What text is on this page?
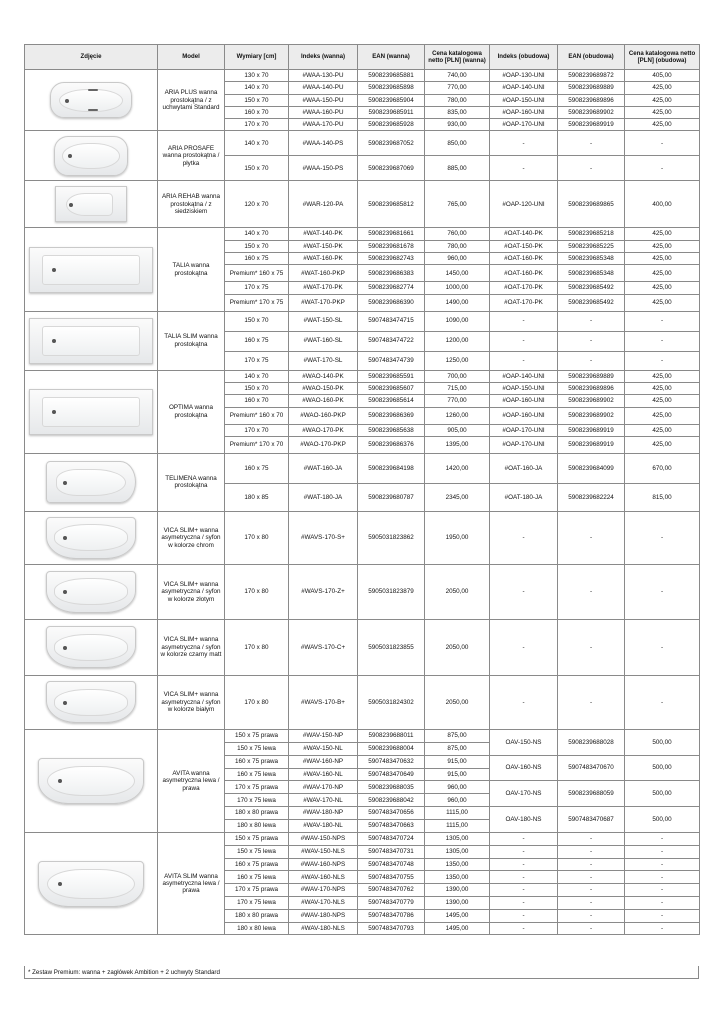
Zdjęcie	Model	Wymiary [cm]	Indeks (wanna)	EAN (wanna)	Cena katalogowa netto [PLN] (wanna)	Indeks (obudowa)	EAN (obudowa)	Cena katalogowa netto [PLN] (obudowa)

	ARIA PLUS wanna prostokątna / z uchwytami Standard	130 x 70	#WAA-130-PU	5908239685881	740,00	#OAP-130-UNI	5908239689872	405,00
		140 x 70	#WAA-140-PU	5908239685898	770,00	#OAP-140-UNI	5908239689889	425,00
		150 x 70	#WAA-150-PU	5908239685904	780,00	#OAP-150-UNI	5908239689896	425,00
		160 x 70	#WAA-160-PU	5908239685911	835,00	#OAP-160-UNI	5908239689902	425,00
		170 x 70	#WAA-170-PU	5908239685928	930,00	#OAP-170-UNI	5908239689919	425,00

	ARIA PROSAFE wanna prostokątna / płytka	140 x 70	#WAA-140-PS	5908239687052	850,00	-	-	-
		150 x 70	#WAA-150-PS	5908239687069	885,00	-	-	-

	ARIA REHAB wanna prostokątna / z siedziskiem	120 x 70	#WAR-120-PA	5908239685812	765,00	#OAP-120-UNI	5908239689865	400,00

	TALIA wanna prostokątna	140 x 70	#WAT-140-PK	5908239681661	760,00	#OAT-140-PK	5908239685218	425,00
		150 x 70	#WAT-150-PK	5908239681678	780,00	#OAT-150-PK	5908239685225	425,00
		160 x 75	#WAT-160-PK	5908239682743	960,00	#OAT-160-PK	5908239685348	425,00
		Premium* 160 x 75	#WAT-160-PKP	5908239686383	1450,00	#OAT-160-PK	5908239685348	425,00
		170 x 75	#WAT-170-PK	5908239682774	1000,00	#OAT-170-PK	5908239685492	425,00
		Premium* 170 x 75	#WAT-170-PKP	5908239686390	1490,00	#OAT-170-PK	5908239685492	425,00

	TALIA SLIM wanna prostokątna	150 x 70	#WAT-150-SL	5907483474715	1090,00	-	-	-
		160 x 75	#WAT-160-SL	5907483474722	1200,00	-	-	-
		170 x 75	#WAT-170-SL	5907483474739	1250,00	-	-	-

	OPTIMA wanna prostokątna	140 x 70	#WAO-140-PK	5908239685591	700,00	#OAP-140-UNI	5908239689889	425,00
		150 x 70	#WAO-150-PK	5908239685607	715,00	#OAP-150-UNI	5908239689896	425,00
		160 x 70	#WAO-160-PK	5908239685614	770,00	#OAP-160-UNI	5908239689902	425,00
		Premium* 160 x 70	#WAO-160-PKP	5908239686369	1260,00	#OAP-160-UNI	5908239689902	425,00
		170 x 70	#WAO-170-PK	5908239685638	905,00	#OAP-170-UNI	5908239689919	425,00
		Premium* 170 x 70	#WAO-170-PKP	5908239686376	1395,00	#OAP-170-UNI	5908239689919	425,00

	TELIMENA wanna prostokątna	160 x 75	#WAT-160-JA	5908239684198	1420,00	#OAT-160-JA	5908239684099	670,00
		180 x 85	#WAT-180-JA	5908239680787	2345,00	#OAT-180-JA	5908239682224	815,00

	VICA SLIM+ wanna asymetryczna / syfon w kolorze chrom	170 x 80	#WAVS-170-S+	5905031823862	1950,00	-	-	-

	VICA SLIM+ wanna asymetryczna / syfon w kolorze złotym	170 x 80	#WAVS-170-Z+	5905031823879	2050,00	-	-	-

	VICA SLIM+ wanna asymetryczna / syfon w kolorze czarny matt	170 x 80	#WAVS-170-C+	5905031823855	2050,00	-	-	-

	VICA SLIM+ wanna asymetryczna / syfon w kolorze białym	170 x 80	#WAVS-170-B+	5905031824302	2050,00	-	-	-

	AVITA wanna asymetryczna lewa / prawa	150 x 75 prawa	#WAV-150-NP	5908239688011	875,00	OAV-150-NS	5908239688028	500,00
		150 x 75 lewa	#WAV-150-NL	5908239688004	875,00			
		160 x 75 prawa	#WAV-160-NP	5907483470632	915,00	OAV-160-NS	5907483470670	500,00
		160 x 75 lewa	#WAV-160-NL	5907483470649	915,00			
		170 x 75 prawa	#WAV-170-NP	5908239688035	960,00	OAV-170-NS	5908239688059	500,00
		170 x 75 lewa	#WAV-170-NL	5908239688042	960,00			
		180 x 80 prawa	#WAV-180-NP	5907483470656	1115,00	OAV-180-NS	5907483470687	500,00
		180 x 80 lewa	#WAV-180-NL	5907483470663	1115,00			

	AVITA SLIM wanna asymetryczna lewa / prawa	150 x 75 prawa	#WAV-150-NPS	5907483470724	1305,00	-	-	-
		150 x 75 lewa	#WAV-150-NLS	5907483470731	1305,00	-	-	-
		160 x 75 prawa	#WAV-160-NPS	5907483470748	1350,00	-	-	-
		160 x 75 lewa	#WAV-160-NLS	5907483470755	1350,00	-	-	-
		170 x 75 prawa	#WAV-170-NPS	5907483470762	1390,00	-	-	-
		170 x 75 lewa	#WAV-170-NLS	5907483470779	1390,00	-	-	-
		180 x 80 prawa	#WAV-180-NPS	5907483470786	1495,00	-	-	-
		180 x 80 lewa	#WAV-180-NLS	5907483470793	1495,00	-	-	-
* Zestaw Premium: wanna + zagłówek Ambition + 2 uchwyty Standard
